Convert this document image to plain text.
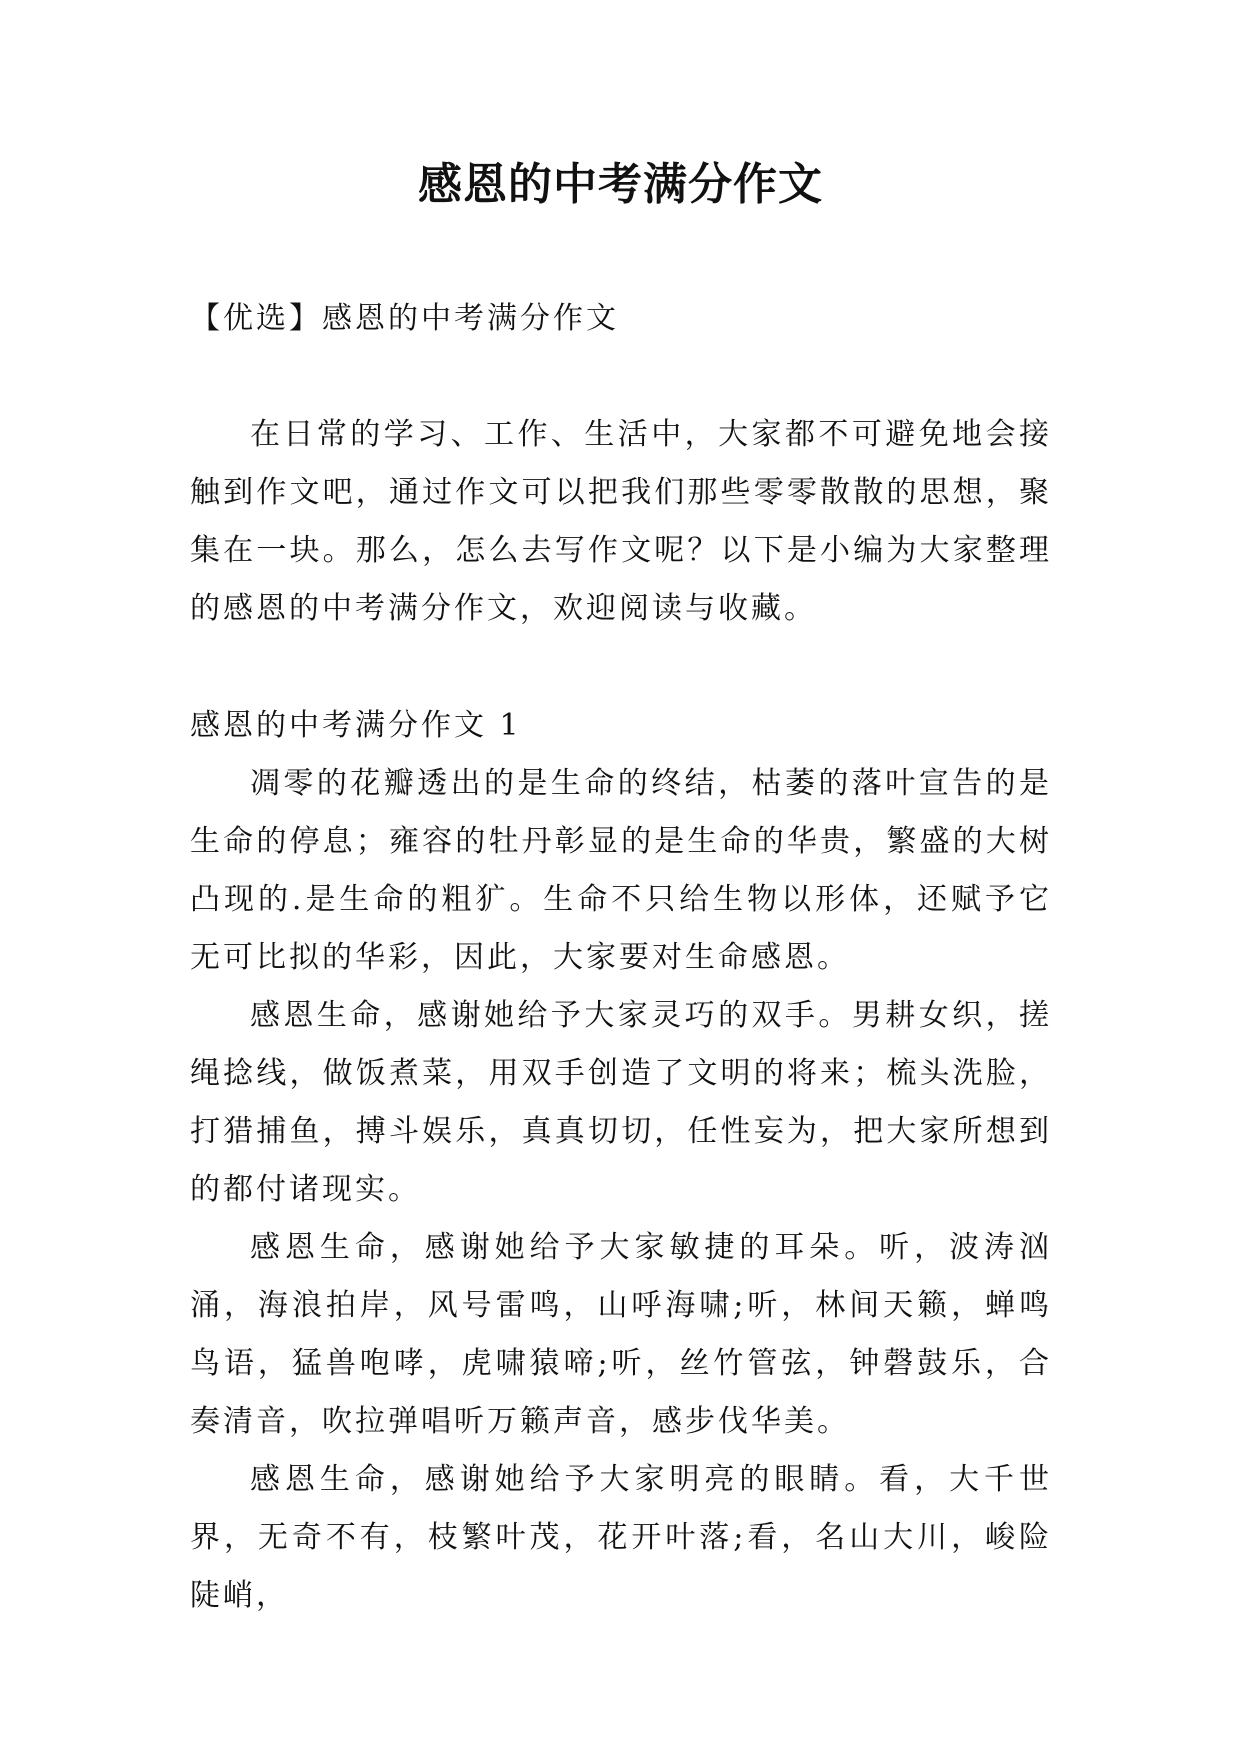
感恩的中考满分作文
【优选】感恩的中考满分作文

在日常的学习、工作、生活中，大家都不可避免地会接触到作文吧，通过作文可以把我们那些零零散散的思想，聚集在一块。那么，怎么去写作文呢？以下是小编为大家整理的感恩的中考满分作文，欢迎阅读与收藏。

感恩的中考满分作文 1

凋零的花瓣透出的是生命的终结，枯萎的落叶宣告的是生命的停息；雍容的牡丹彰显的是生命的华贵，繁盛的大树凸现的.是生命的粗犷。生命不只给生物以形体，还赋予它无可比拟的华彩，因此，大家要对生命感恩。

感恩生命，感谢她给予大家灵巧的双手。男耕女织，搓绳捻线，做饭煮菜，用双手创造了文明的将来；梳头洗脸，打猎捕鱼，搏斗娱乐，真真切切，任性妄为，把大家所想到的都付诸现实。

感恩生命，感谢她给予大家敏捷的耳朵。听，波涛汹涌，海浪拍岸，风号雷鸣，山呼海啸;听，林间天籁，蝉鸣鸟语，猛兽咆哮，虎啸猿啼;听，丝竹管弦，钟磬鼓乐，合奏清音，吹拉弹唱听万籁声音，感步伐华美。

感恩生命，感谢她给予大家明亮的眼睛。看，大千世界，无奇不有，枝繁叶茂，花开叶落;看，名山大川，峻险陡峭，
